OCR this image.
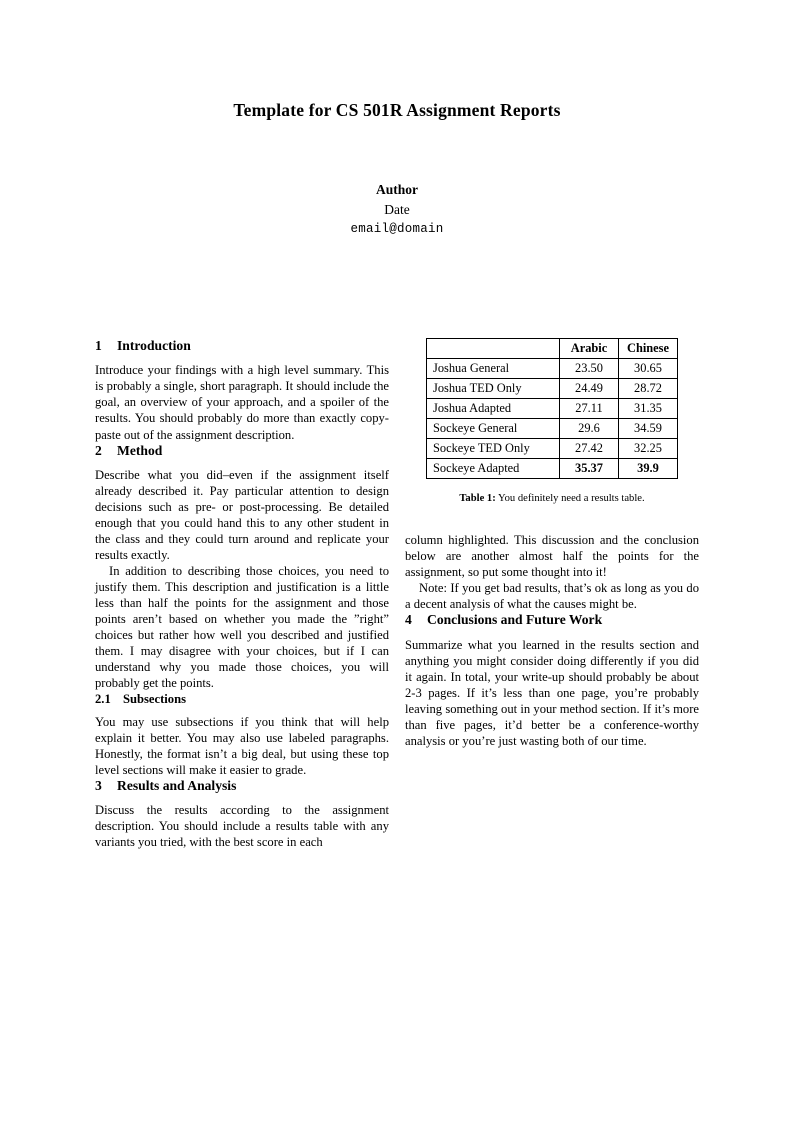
Template for CS 501R Assignment Reports
Author
Date
email@domain
1 Introduction

Introduce your findings with a high level summary. This is probably a single, short paragraph. It should include the goal, an overview of your approach, and a spoiler of the results. You should probably do more than exactly copy-paste out of the assignment description.

2 Method

Describe what you did–even if the assignment itself already described it. Pay particular attention to design decisions such as pre- or post-processing. Be detailed enough that you could hand this to any other student in the class and they could turn around and replicate your results exactly.

In addition to describing those choices, you need to justify them. This description and justification is a little less than half the points for the assignment and those points aren’t based on whether you made the ”right” choices but rather how well you described and justified them. I may disagree with your choices, but if I can understand why you made those choices, you will probably get the points.

2.1 Subsections

You may use subsections if you think that will help explain it better. You may also use labeled paragraphs. Honestly, the format isn’t a big deal, but using these top level sections will make it easier to grade.

3 Results and Analysis

Discuss the results according to the assignment description. You should include a results table with any variants you tried, with the best score in each

	Arabic	Chinese
Joshua General	23.50	30.65
Joshua TED Only	24.49	28.72
Joshua Adapted	27.11	31.35
Sockeye General	29.6	34.59
Sockeye TED Only	27.42	32.25
Sockeye Adapted	35.37	39.9
Table 1: You definitely need a results table.

column highlighted. This discussion and the conclusion below are another almost half the points for the assignment, so put some thought into it!

Note: If you get bad results, that’s ok as long as you do a decent analysis of what the causes might be.

4 Conclusions and Future Work

Summarize what you learned in the results section and anything you might consider doing differently if you did it again. In total, your write-up should probably be about 2-3 pages. If it’s less than one page, you’re probably leaving something out in your method section. If it’s more than five pages, it’d better be a conference-worthy analysis or you’re just wasting both of our time.
